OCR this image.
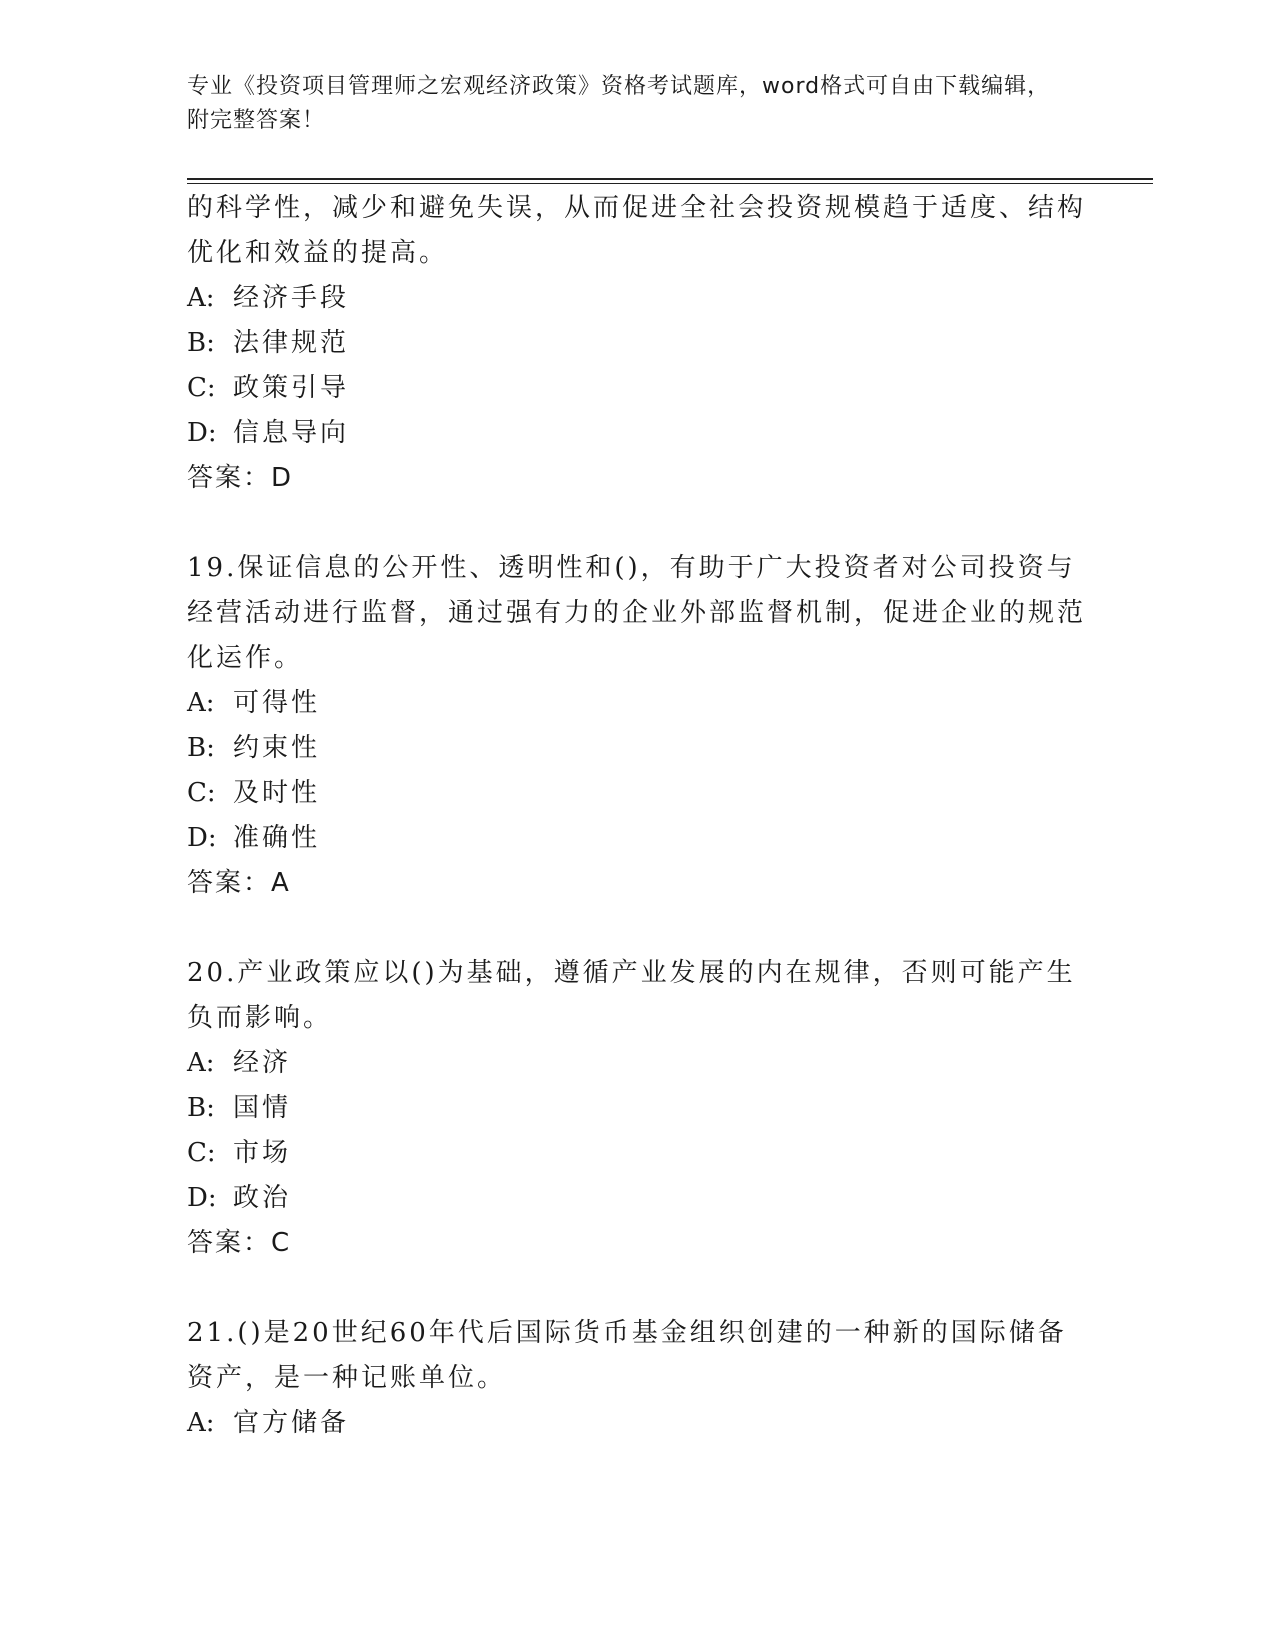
专业《投资项目管理师之宏观经济政策》资格考试题库，word格式可自由下载编辑，附完整答案！

的科学性，减少和避免失误，从而促进全社会投资规模趋于适度、结构优化和效益的提高。

A: 经济手段

B: 法律规范

C: 政策引导

D: 信息导向

答案：D

19.保证信息的公开性、透明性和()，有助于广大投资者对公司投资与经营活动进行监督，通过强有力的企业外部监督机制，促进企业的规范化运作。

A: 可得性

B: 约束性

C: 及时性

D: 准确性

答案：A

20.产业政策应以()为基础，遵循产业发展的内在规律，否则可能产生负而影响。

A: 经济

B: 国情

C: 市场

D: 政治

答案：C

21.()是20世纪60年代后国际货币基金组织创建的一种新的国际储备资产，是一种记账单位。

A: 官方储备
